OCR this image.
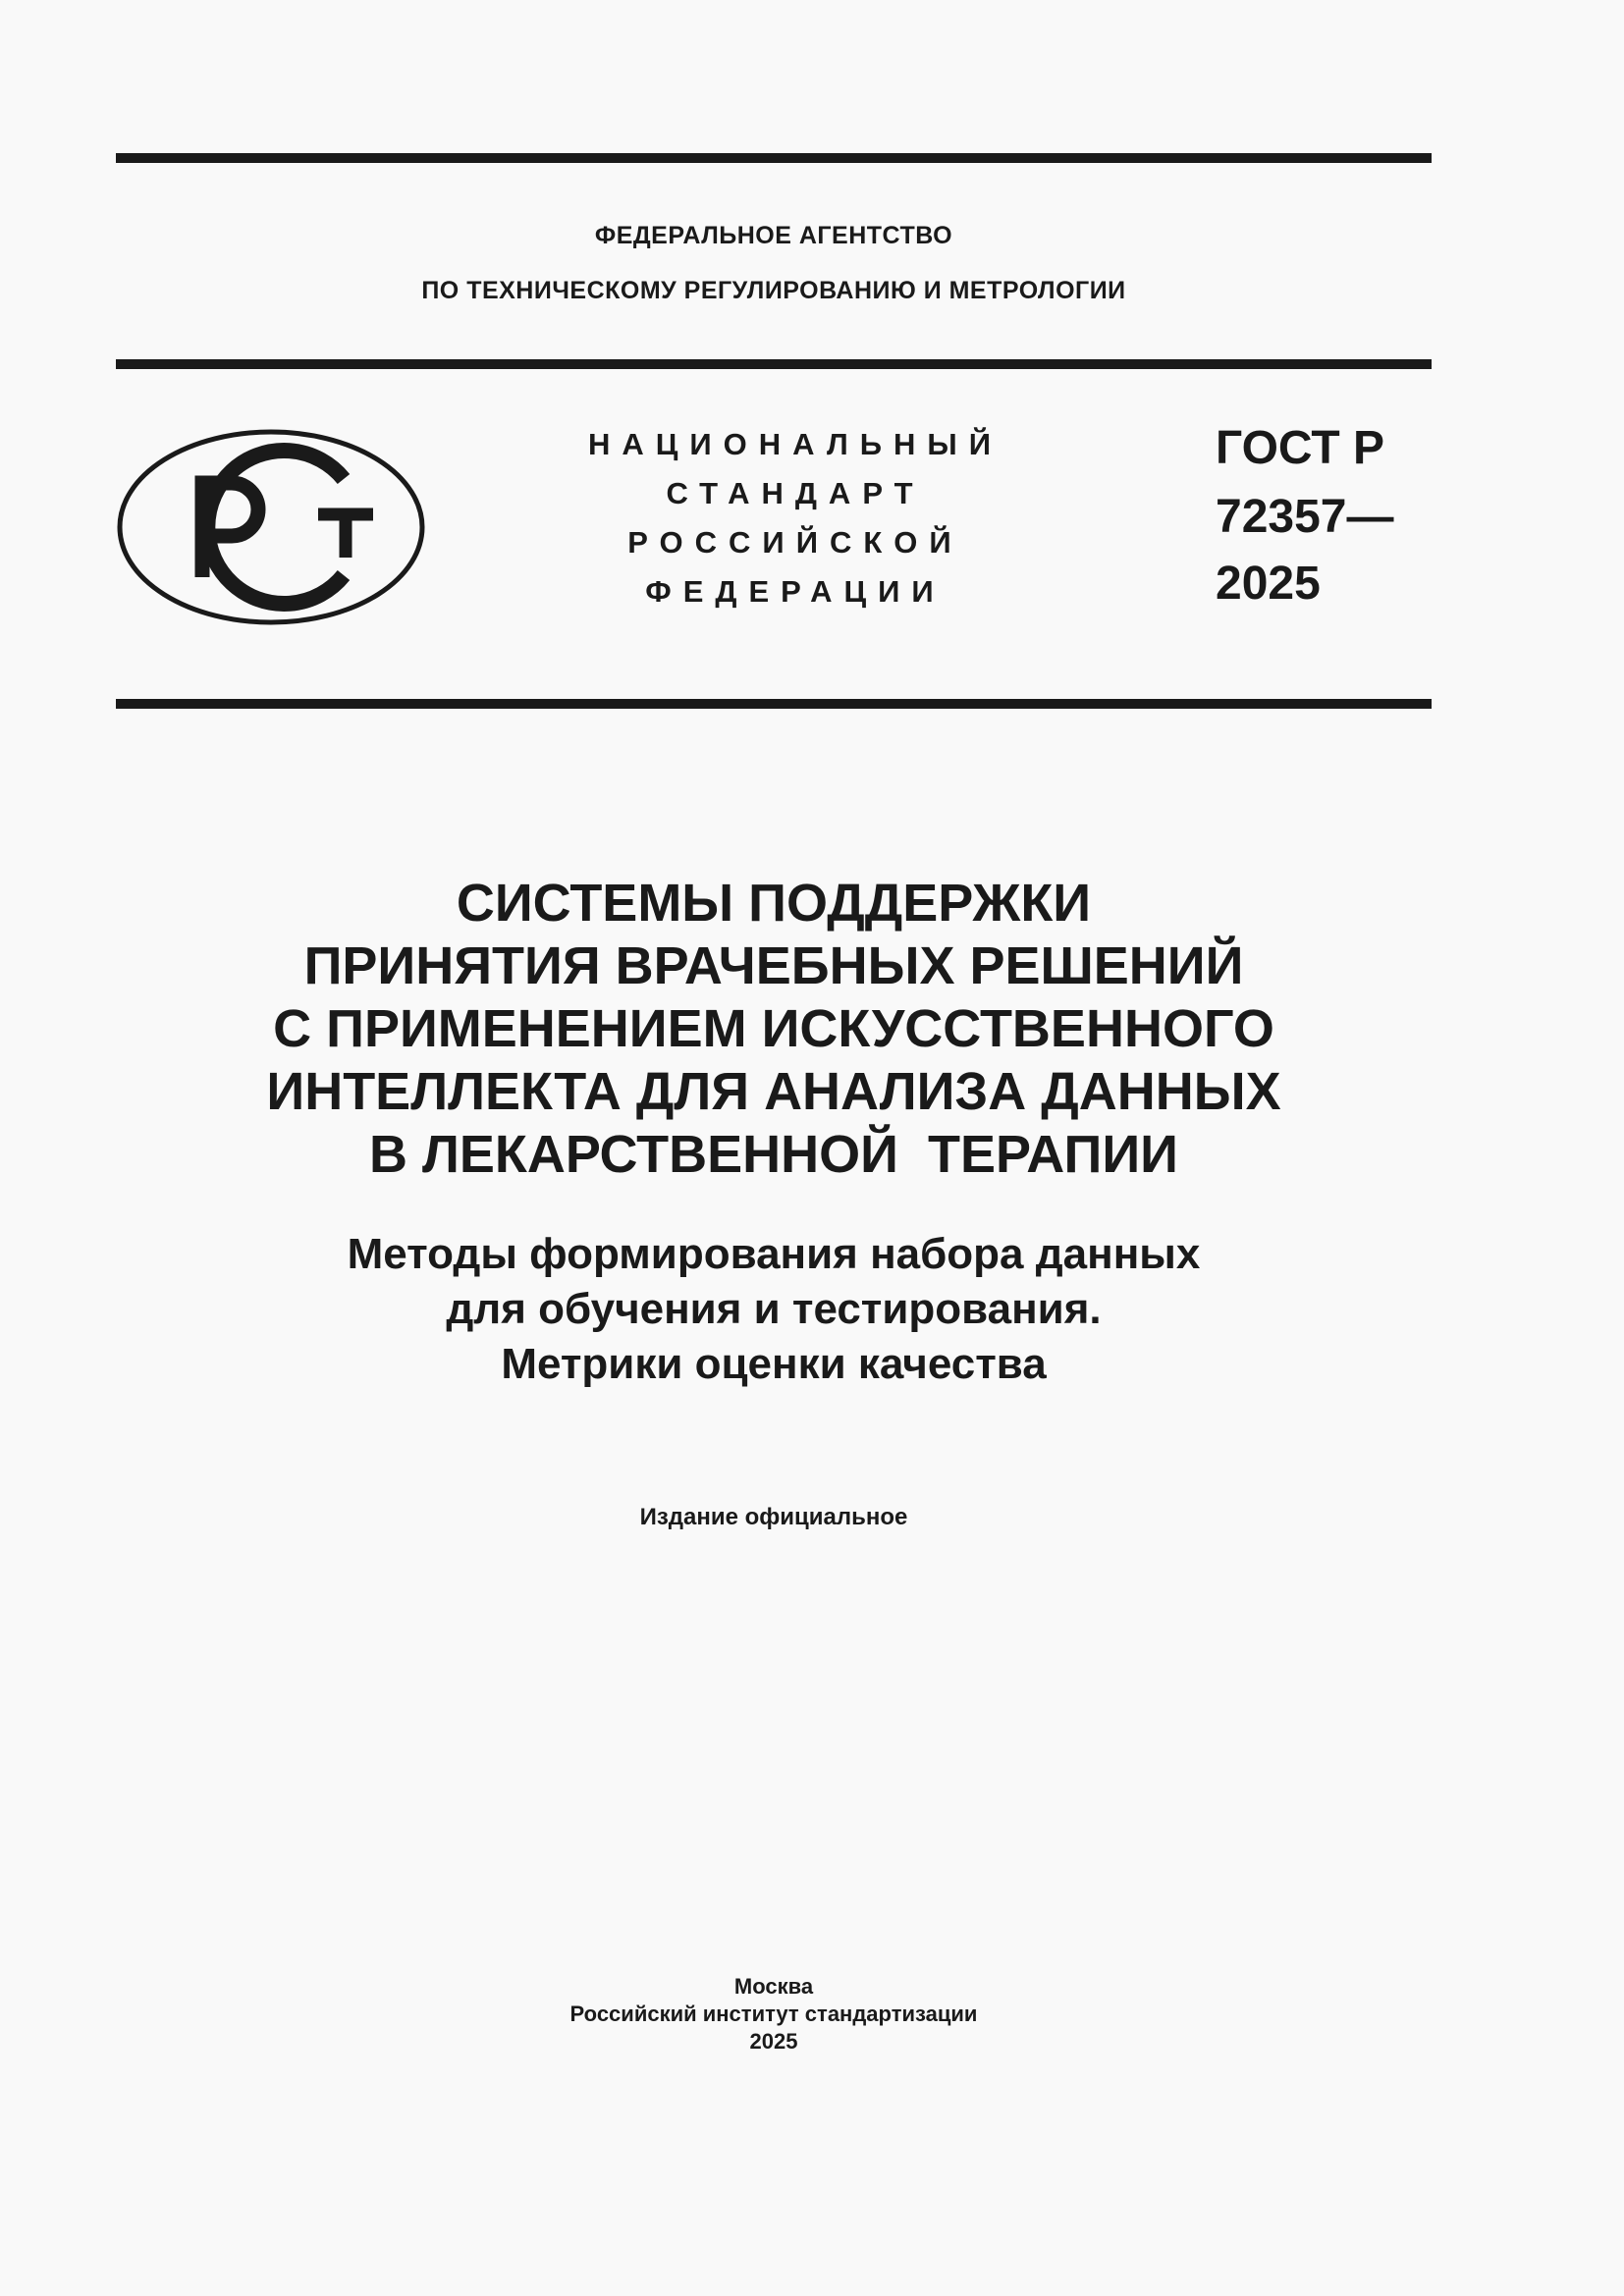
ФЕДЕРАЛЬНОЕ АГЕНТСТВО
ПО ТЕХНИЧЕСКОМУ РЕГУЛИРОВАНИЮ И МЕТРОЛОГИИ
НАЦИОНАЛЬНЫЙ
СТАНДАРТ
РОССИЙСКОЙ
ФЕДЕРАЦИИ
ГОСТ Р
72357—
2025
СИСТЕМЫ ПОДДЕРЖКИ
ПРИНЯТИЯ ВРАЧЕБНЫХ РЕШЕНИЙ
С ПРИМЕНЕНИЕМ ИСКУССТВЕННОГО
ИНТЕЛЛЕКТА ДЛЯ АНАЛИЗА ДАННЫХ
В ЛЕКАРСТВЕННОЙ  ТЕРАПИИ
Методы формирования набора данных
для обучения и тестирования.
Метрики оценки качества
Издание официальное
Москва
Российский институт стандартизации
2025
